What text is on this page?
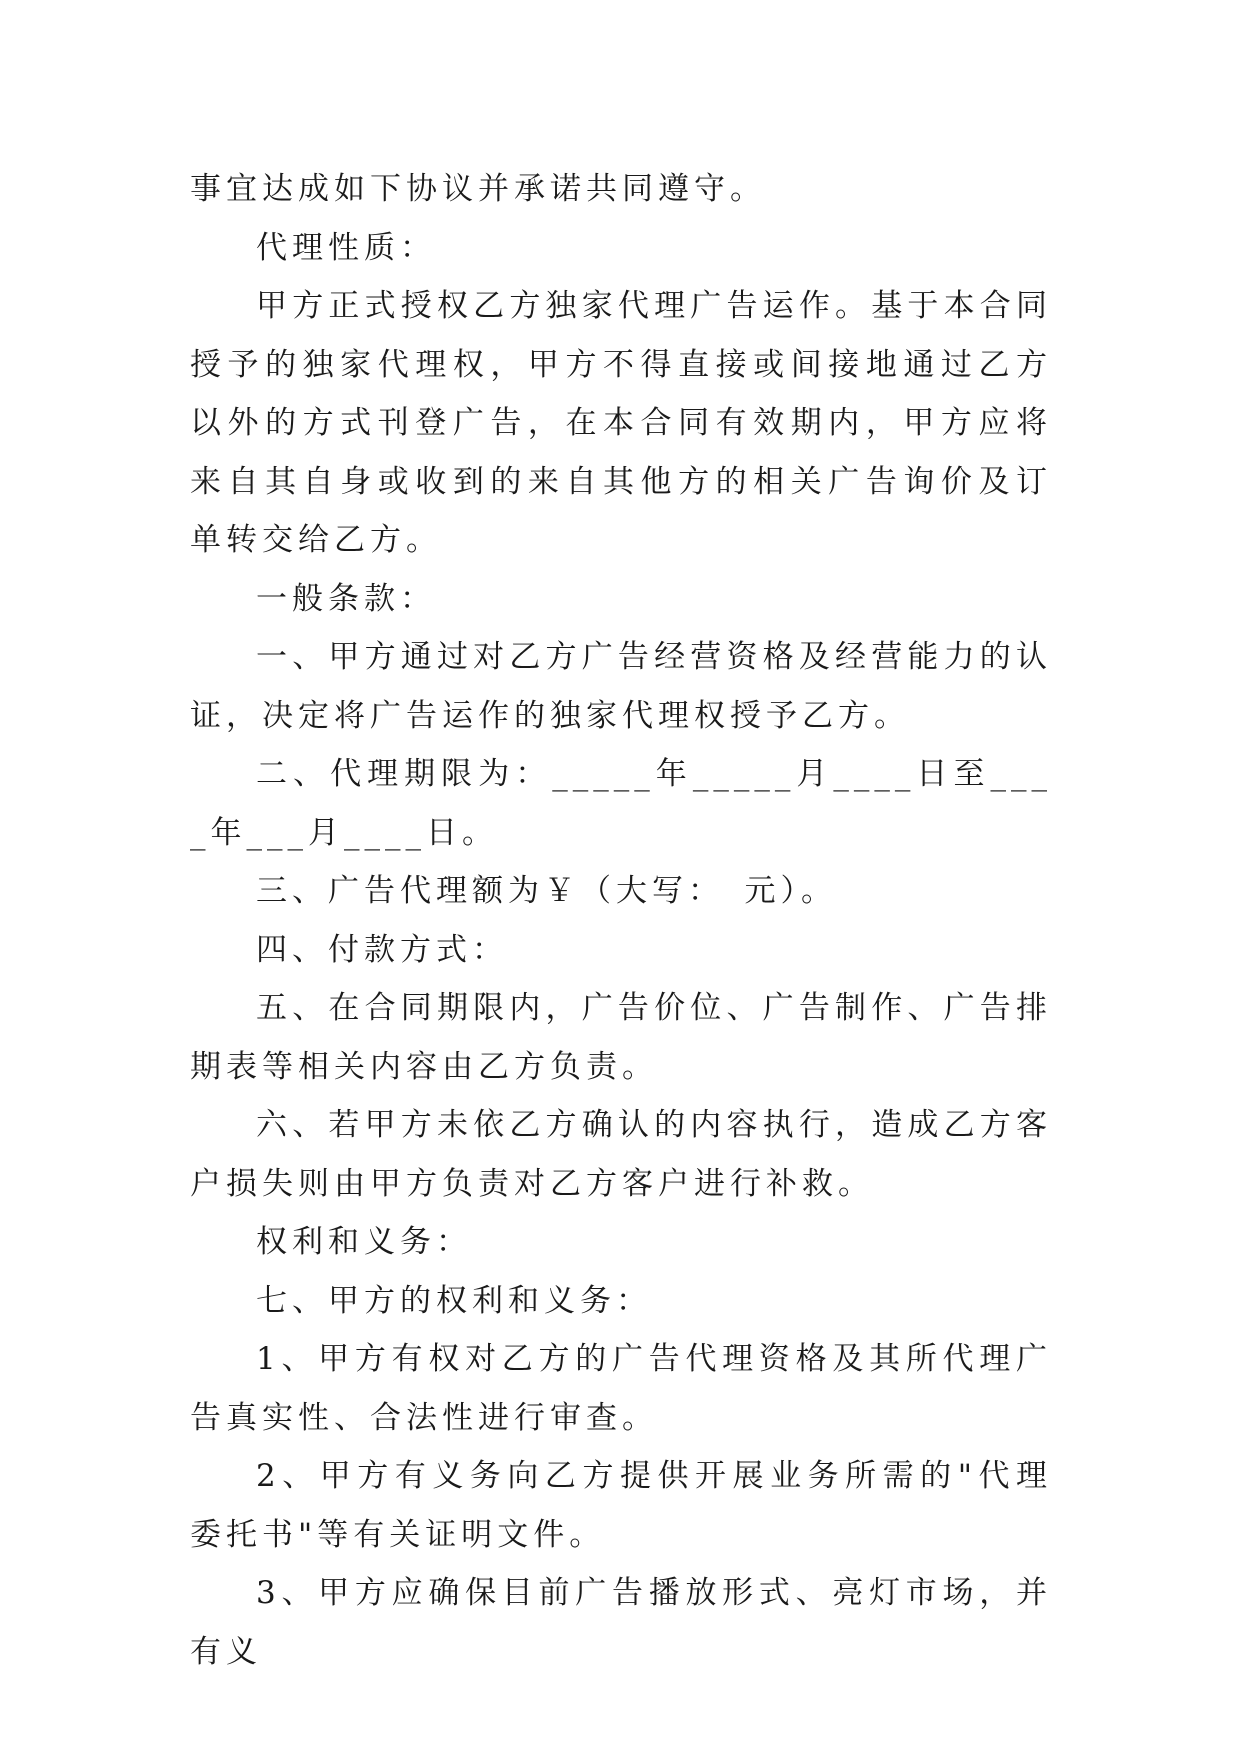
事宜达成如下协议并承诺共同遵守。

代理性质：

甲方正式授权乙方独家代理广告运作。基于本合同授予的独家代理权，甲方不得直接或间接地通过乙方以外的方式刊登广告，在本合同有效期内，甲方应将来自其自身或收到的来自其他方的相关广告询价及订单转交给乙方。

一般条款：

一、甲方通过对乙方广告经营资格及经营能力的认证，决定将广告运作的独家代理权授予乙方。

二、代理期限为：_____年_____月____日至____年___月____日。

三、广告代理额为￥（大写：　元）。

四、付款方式：

五、在合同期限内，广告价位、广告制作、广告排期表等相关内容由乙方负责。

六、若甲方未依乙方确认的内容执行，造成乙方客户损失则由甲方负责对乙方客户进行补救。

权利和义务：

七、甲方的权利和义务：

1、甲方有权对乙方的广告代理资格及其所代理广告真实性、合法性进行审查。

2、甲方有义务向乙方提供开展业务所需的"代理委托书"等有关证明文件。

3、甲方应确保目前广告播放形式、亮灯市场，并有义
